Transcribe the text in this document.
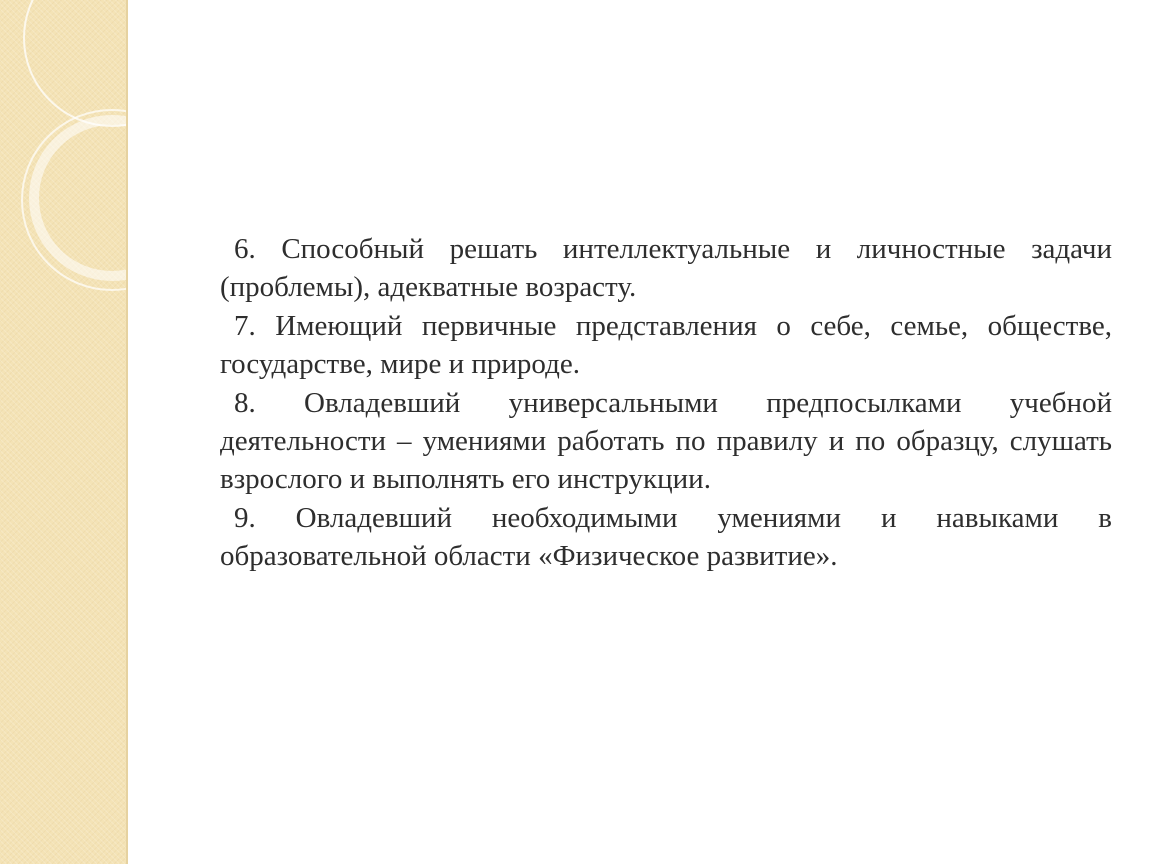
6. Способный решать интеллектуальные и личностные задачи (проблемы), адекватные возрасту.

7. Имеющий первичные представления о себе, семье, обществе, государстве, мире и природе.

8. Овладевший универсальными предпосылками учебной деятельности – умениями работать по правилу и по образцу, слушать взрослого и выполнять его инструкции.

9. Овладевший необходимыми умениями и навыками в образовательной области «Физическое развитие».
